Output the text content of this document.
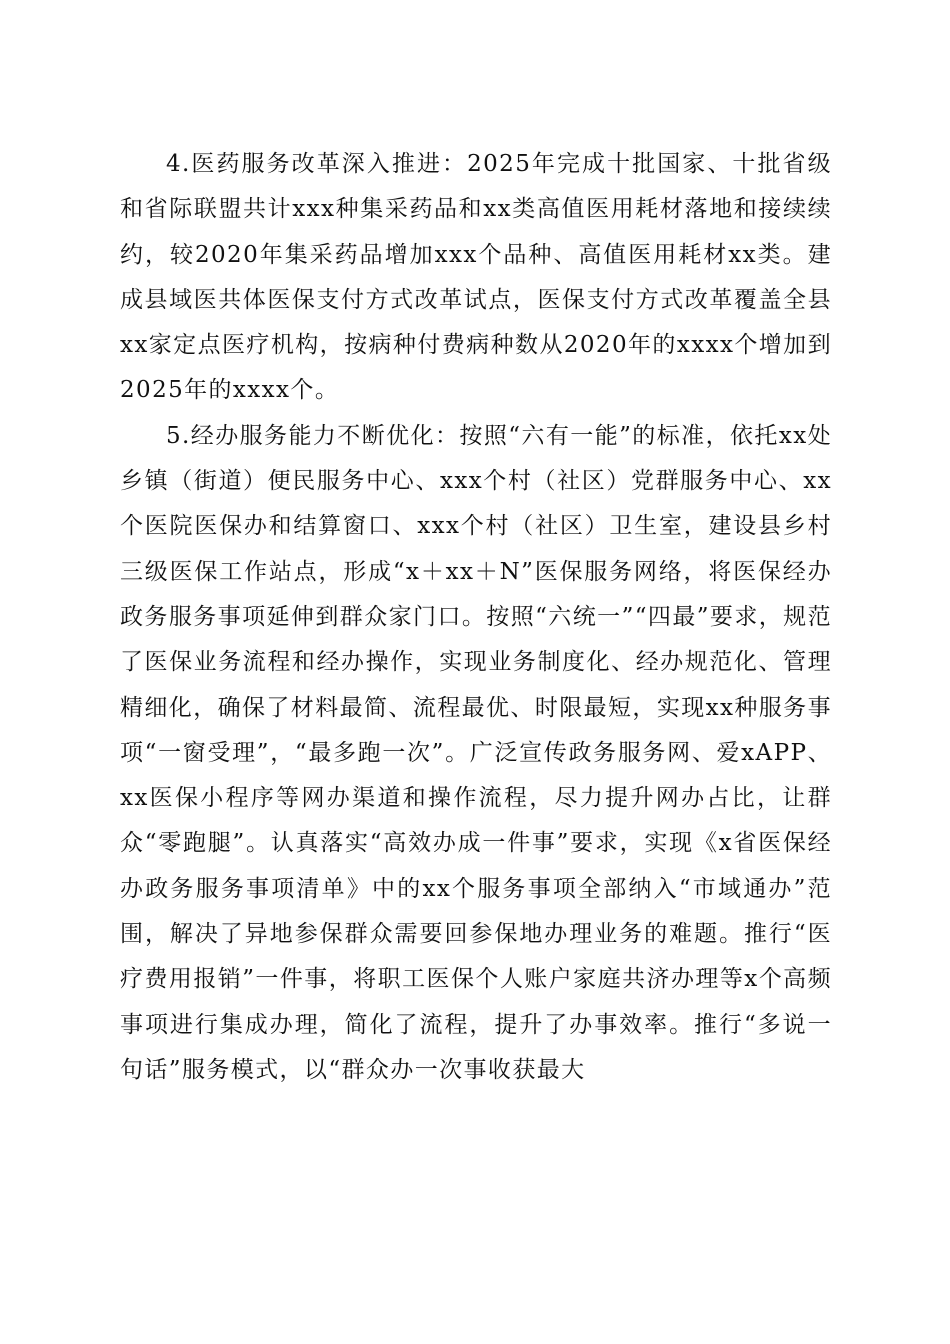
4.医药服务改革深入推进：2025年完成十批国家、十批省级和省际联盟共计xxx种集采药品和xx类高值医用耗材落地和接续续约，较2020年集采药品增加xxx个品种、高值医用耗材xx类。建成县域医共体医保支付方式改革试点，医保支付方式改革覆盖全县xx家定点医疗机构，按病种付费病种数从2020年的xxxx个增加到2025年的xxxx个。

5.经办服务能力不断优化：按照“六有一能”的标准，依托xx处乡镇（街道）便民服务中心、xxx个村（社区）党群服务中心、xx个医院医保办和结算窗口、xxx个村（社区）卫生室，建设县乡村三级医保工作站点，形成“x＋xx＋N”医保服务网络，将医保经办政务服务事项延伸到群众家门口。按照“六统一”“四最”要求，规范了医保业务流程和经办操作，实现业务制度化、经办规范化、管理精细化，确保了材料最简、流程最优、时限最短，实现xx种服务事项“一窗受理”，“最多跑一次”。广泛宣传政务服务网、爱xAPP、xx医保小程序等网办渠道和操作流程，尽力提升网办占比，让群众“零跑腿”。认真落实“高效办成一件事”要求，实现《x省医保经办政务服务事项清单》中的xx个服务事项全部纳入“市域通办”范围，解决了异地参保群众需要回参保地办理业务的难题。推行“医疗费用报销”一件事，将职工医保个人账户家庭共济办理等x个高频事项进行集成办理，简化了流程，提升了办事效率。推行“多说一句话”服务模式，以“群众办一次事收获最大
